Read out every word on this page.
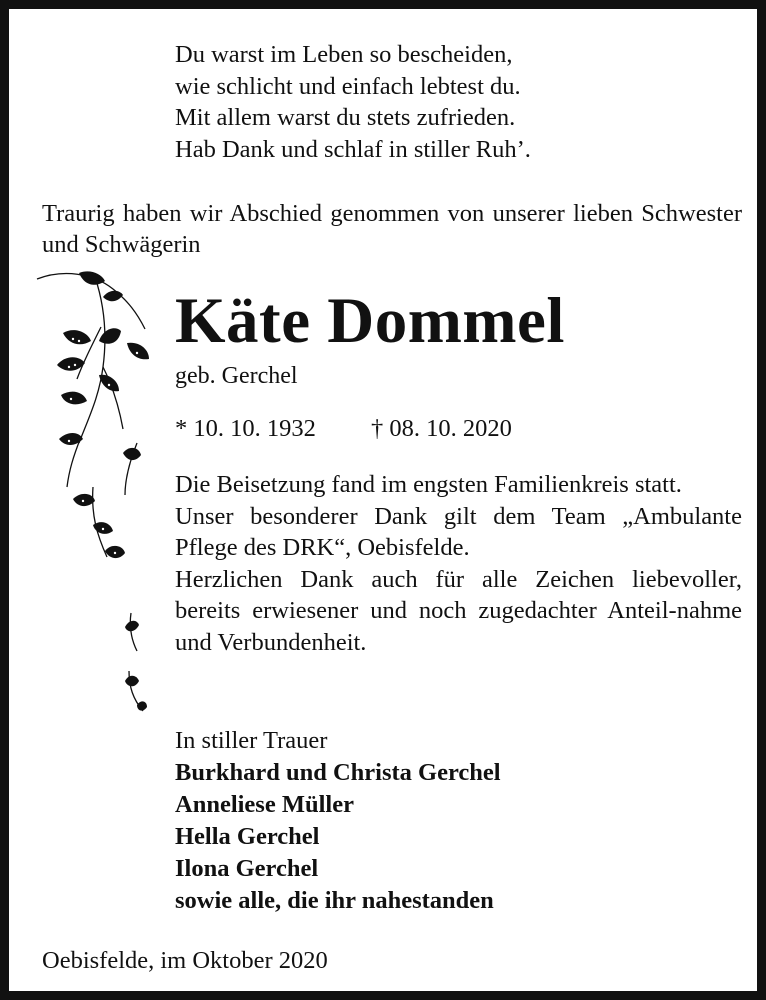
Du warst im Leben so bescheiden,
wie schlicht und einfach lebtest du.
Mit allem warst du stets zufrieden.
Hab Dank und schlaf in stiller Ruh’.
Traurig haben wir Abschied genommen von unserer lieben Schwester und Schwägerin
Käte Dommel
geb. Gerchel
* 10. 10. 1932 † 08. 10. 2020

Die Beisetzung fand im engsten Familienkreis statt.

Unser besonderer Dank gilt dem Team „Ambulante Pflege des DRK“, Oebisfelde.

Herzlichen Dank auch für alle Zeichen liebevoller, bereits erwiesener und noch zugedachter Anteil-nahme und Verbundenheit.

In stiller Trauer
Burkhard und Christa Gerchel
Anneliese Müller
Hella Gerchel
Ilona Gerchel
sowie alle, die ihr nahestanden
Oebisfelde, im Oktober 2020
